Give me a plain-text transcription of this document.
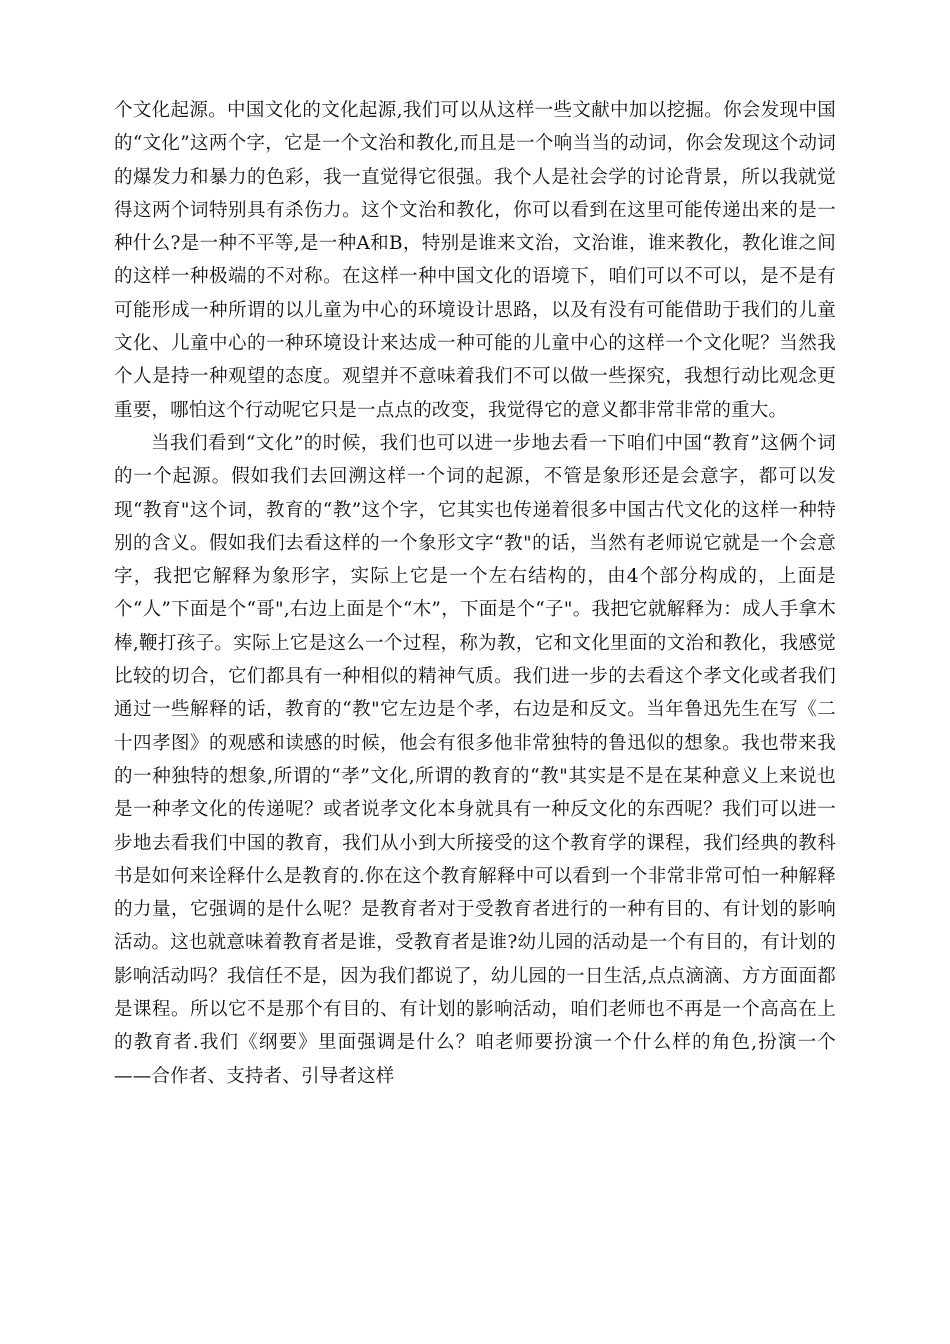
个文化起源。中国文化的文化起源,我们可以从这样一些文献中加以挖掘。你会发现中国的“文化”这两个字，它是一个文治和教化,而且是一个响当当的动词，你会发现这个动词的爆发力和暴力的色彩，我一直觉得它很强。我个人是社会学的讨论背景，所以我就觉得这两个词特别具有杀伤力。这个文治和教化，你可以看到在这里可能传递出来的是一种什么?是一种不平等,是一种A和B，特别是谁来文治，文治谁，谁来教化，教化谁之间的这样一种极端的不对称。在这样一种中国文化的语境下，咱们可以不可以，是不是有可能形成一种所谓的以儿童为中心的环境设计思路，以及有没有可能借助于我们的儿童文化、儿童中心的一种环境设计来达成一种可能的儿童中心的这样一个文化呢？当然我个人是持一种观望的态度。观望并不意味着我们不可以做一些探究，我想行动比观念更重要，哪怕这个行动呢它只是一点点的改变，我觉得它的意义都非常非常的重大。

当我们看到“文化”的时候，我们也可以进一步地去看一下咱们中国“教育”这俩个词的一个起源。假如我们去回溯这样一个词的起源，不管是象形还是会意字，都可以发现“教育"这个词，教育的“教”这个字，它其实也传递着很多中国古代文化的这样一种特别的含义。假如我们去看这样的一个象形文字“教"的话，当然有老师说它就是一个会意字，我把它解释为象形字，实际上它是一个左右结构的，由4个部分构成的，上面是个“人”下面是个“哥",右边上面是个“木”，下面是个“子"。我把它就解释为：成人手拿木棒,鞭打孩子。实际上它是这么一个过程，称为教，它和文化里面的文治和教化，我感觉比较的切合，它们都具有一种相似的精神气质。我们进一步的去看这个孝文化或者我们通过一些解释的话，教育的“教"它左边是个孝，右边是和反文。当年鲁迅先生在写《二十四孝图》的观感和读感的时候，他会有很多他非常独特的鲁迅似的想象。我也带来我的一种独特的想象,所谓的“孝”文化,所谓的教育的“教"其实是不是在某种意义上来说也是一种孝文化的传递呢？或者说孝文化本身就具有一种反文化的东西呢？我们可以进一步地去看我们中国的教育，我们从小到大所接受的这个教育学的课程，我们经典的教科书是如何来诠释什么是教育的.你在这个教育解释中可以看到一个非常非常可怕一种解释的力量，它强调的是什么呢？是教育者对于受教育者进行的一种有目的、有计划的影响活动。这也就意味着教育者是谁，受教育者是谁?幼儿园的活动是一个有目的，有计划的影响活动吗？我信任不是，因为我们都说了，幼儿园的一日生活,点点滴滴、方方面面都是课程。所以它不是那个有目的、有计划的影响活动，咱们老师也不再是一个高高在上的教育者.我们《纲要》里面强调是什么？咱老师要扮演一个什么样的角色,扮演一个——合作者、支持者、引导者这样
